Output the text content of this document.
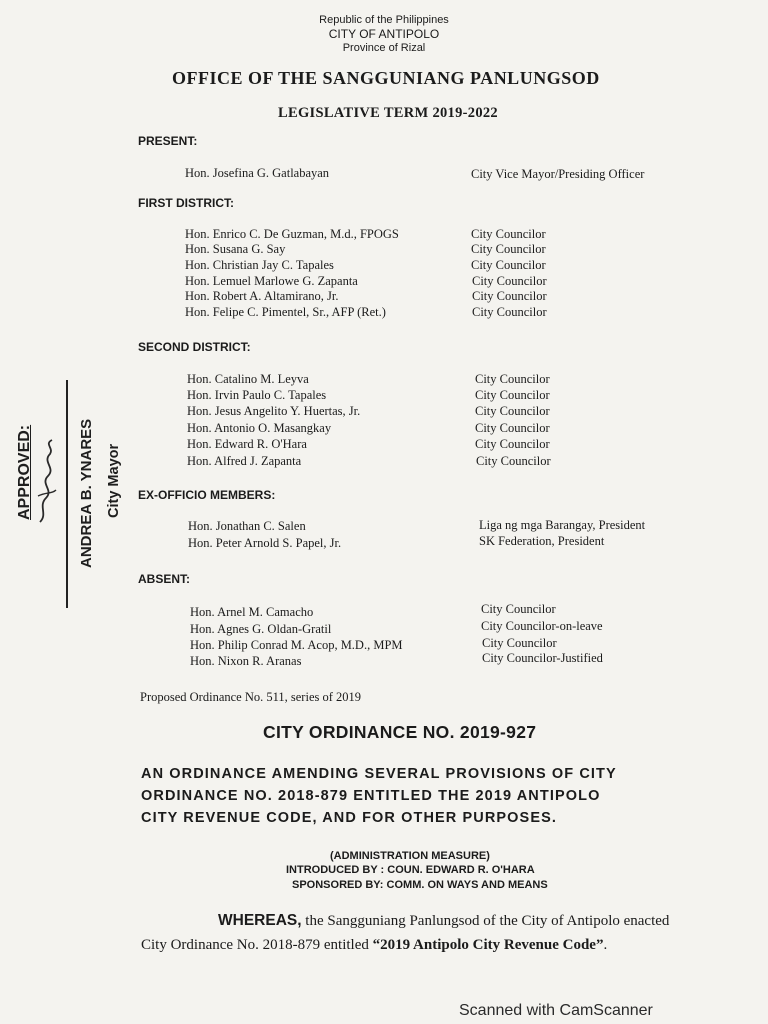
Republic of the Philippines
CITY OF ANTIPOLO
Province of Rizal
OFFICE OF THE SANGGUNIANG PANLUNGSOD
LEGISLATIVE TERM 2019-2022
PRESENT:
Hon. Josefina G. Gatlabayan	City Vice Mayor/Presiding Officer
FIRST DISTRICT:
Hon. Enrico C. De Guzman, M.d., FPOGS	City Councilor
Hon. Susana G. Say	City Councilor
Hon. Christian Jay C. Tapales	City Councilor
Hon. Lemuel Marlowe G. Zapanta	City Councilor
Hon. Robert A. Altamirano, Jr.	City Councilor
Hon. Felipe C. Pimentel, Sr., AFP (Ret.)	City Councilor
SECOND DISTRICT:
Hon. Catalino M. Leyva	City Councilor
Hon. Irvin Paulo C. Tapales	City Councilor
Hon. Jesus Angelito Y. Huertas, Jr.	City Councilor
Hon. Antonio O. Masangkay	City Councilor
Hon. Edward R. O'Hara	City Councilor
Hon. Alfred J. Zapanta	City Councilor
EX-OFFICIO MEMBERS:
Hon. Jonathan C. Salen	Liga ng mga Barangay, President
Hon. Peter Arnold S. Papel, Jr.	SK Federation, President
ABSENT:
Hon. Arnel M. Camacho	City Councilor
Hon. Agnes G. Oldan-Gratil	City Councilor-on-leave
Hon. Philip Conrad M. Acop, M.D., MPM	City Councilor
Hon. Nixon R. Aranas	City Councilor-Justified
Proposed Ordinance No. 511, series of 2019
CITY ORDINANCE NO. 2019-927
AN ORDINANCE AMENDING SEVERAL PROVISIONS OF CITY
ORDINANCE NO. 2018-879 ENTITLED THE 2019 ANTIPOLO
CITY REVENUE CODE, AND FOR OTHER PURPOSES.
(ADMINISTRATION MEASURE)
INTRODUCED BY : COUN. EDWARD R. O'HARA
SPONSORED BY: COMM. ON WAYS AND MEANS
WHEREAS, the Sangguniang Panlungsod of the City of Antipolo enacted
City Ordinance No. 2018-879 entitled “2019 Antipolo City Revenue Code”.
APPROVED:	ANDREA B. YNARES City Mayor
Scanned with CamScanner
